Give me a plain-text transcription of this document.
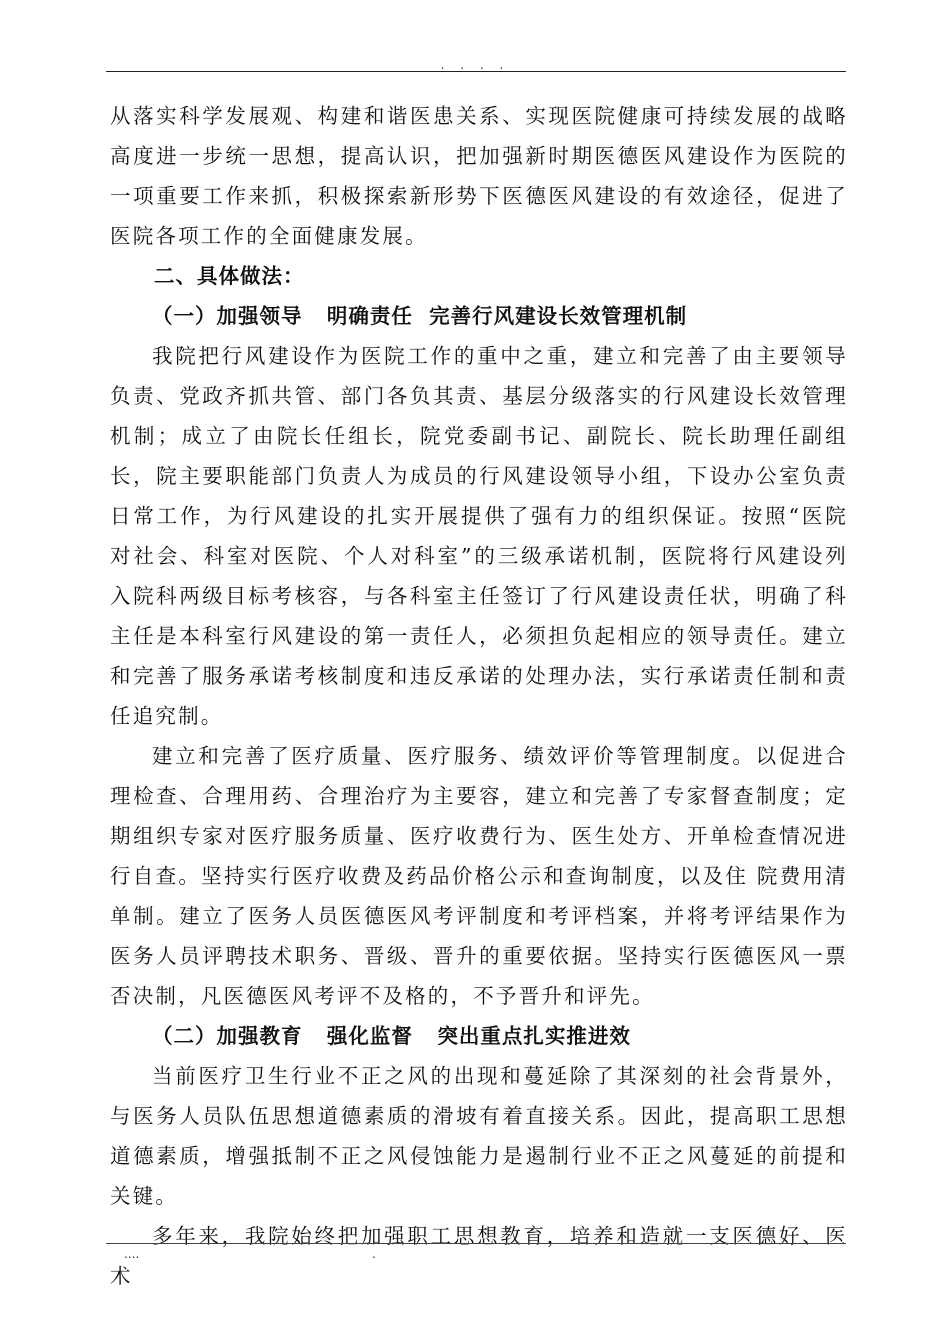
. . . .

从落实科学发展观、构建和谐医患关系、实现医院健康可持续发展的战略高度进一步统一思想，提高认识，把加强新时期医德医风建设作为医院的一项重要工作来抓，积极探索新形势下医德医风建设的有效途径，促进了医院各项工作的全面健康发展。

二、具体做法：

（一）加强领导   明确责任  完善行风建设长效管理机制

我院把行风建设作为医院工作的重中之重，建立和完善了由主要领导负责、党政齐抓共管、部门各负其责、基层分级落实的行风建设长效管理机制；成立了由院长任组长，院党委副书记、副院长、院长助理任副组长，院主要职能部门负责人为成员的行风建设领导小组，下设办公室负责日常工作，为行风建设的扎实开展提供了强有力的组织保证。按照“医院对社会、科室对医院、个人对科室”的三级承诺机制，医院将行风建设列入院科两级目标考核容，与各科室主任签订了行风建设责任状，明确了科主任是本科室行风建设的第一责任人，必须担负起相应的领导责任。建立和完善了服务承诺考核制度和违反承诺的处理办法，实行承诺责任制和责任追究制。

建立和完善了医疗质量、医疗服务、绩效评价等管理制度。以促进合理检查、合理用药、合理治疗为主要容，建立和完善了专家督查制度；定期组织专家对医疗服务质量、医疗收费行为、医生处方、开单检查情况进行自查。坚持实行医疗收费及药品价格公示和查询制度，以及住 院费用清单制。建立了医务人员医德医风考评制度和考评档案，并将考评结果作为医务人员评聘技术职务、晋级、晋升的重要依据。坚持实行医德医风一票否决制，凡医德医风考评不及格的，不予晋升和评先。

（二）加强教育   强化监督   突出重点扎实推进效

当前医疗卫生行业不正之风的出现和蔓延除了其深刻的社会背景外，与医务人员队伍思想道德素质的滑坡有着直接关系。因此，提高职工思想道德素质，增强抵制不正之风侵蚀能力是遏制行业不正之风蔓延的前提和关键。

多年来，我院始终把加强职工思想教育，培养和造就一支医德好、医术

....	.
